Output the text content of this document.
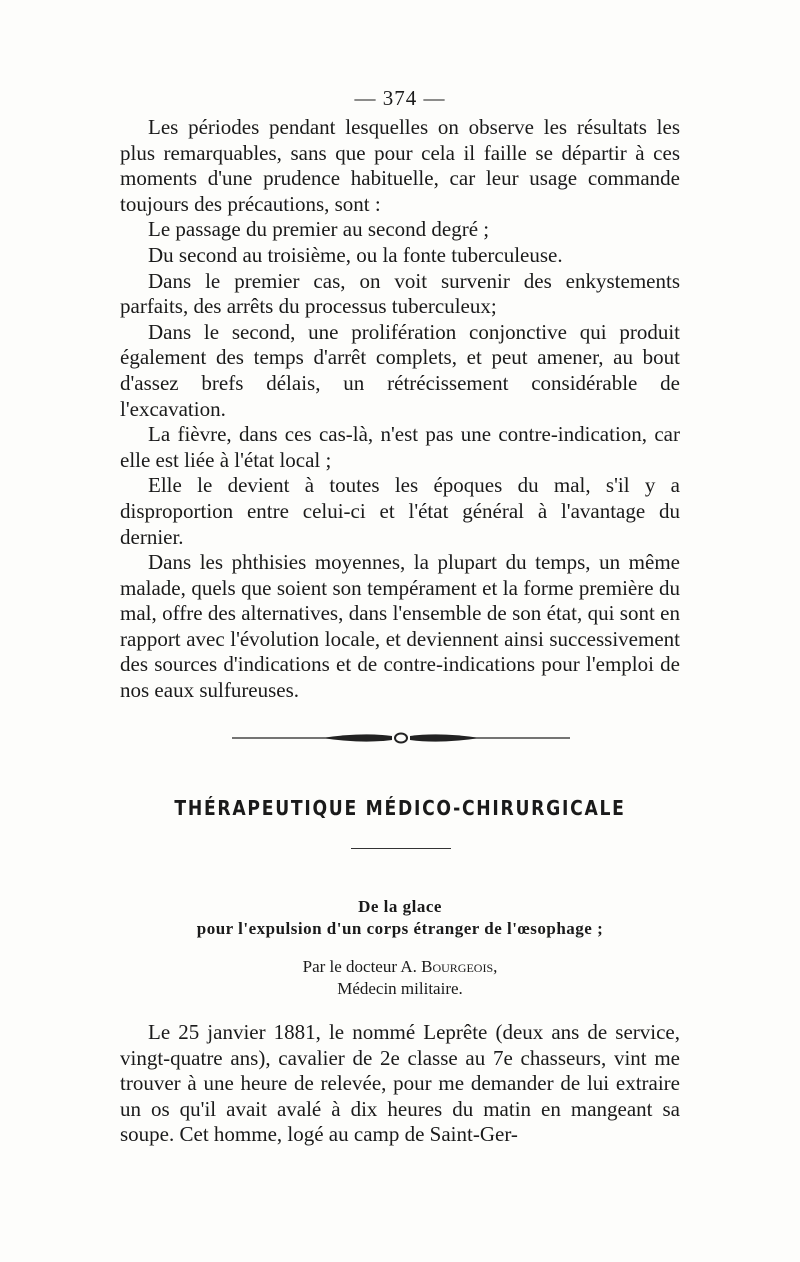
— 374 —

Les périodes pendant lesquelles on observe les résultats les plus remarquables, sans que pour cela il faille se départir à ces moments d'une prudence habituelle, car leur usage commande toujours des précautions, sont :

Le passage du premier au second degré ;

Du second au troisième, ou la fonte tuberculeuse.

Dans le premier cas, on voit survenir des enkystements parfaits, des arrêts du processus tuberculeux;

Dans le second, une prolifération conjonctive qui produit également des temps d'arrêt complets, et peut amener, au bout d'assez brefs délais, un rétrécissement considérable de l'excavation.

La fièvre, dans ces cas-là, n'est pas une contre-indication, car elle est liée à l'état local ;

Elle le devient à toutes les époques du mal, s'il y a disproportion entre celui-ci et l'état général à l'avantage du dernier.

Dans les phthisies moyennes, la plupart du temps, un même malade, quels que soient son tempérament et la forme première du mal, offre des alternatives, dans l'ensemble de son état, qui sont en rapport avec l'évolution locale, et deviennent ainsi successivement des sources d'indications et de contre-indications pour l'emploi de nos eaux sulfureuses.

THÉRAPEUTIQUE MÉDICO-CHIRURGICALE
De la glace
pour l'expulsion d'un corps étranger de l'œsophage ;
Par le docteur A. Bourgeois,
Médecin militaire.

Le 25 janvier 1881, le nommé Leprête (deux ans de service, vingt-quatre ans), cavalier de 2e classe au 7e chasseurs, vint me trouver à une heure de relevée, pour me demander de lui extraire un os qu'il avait avalé à dix heures du matin en mangeant sa soupe. Cet homme, logé au camp de Saint-Ger-
